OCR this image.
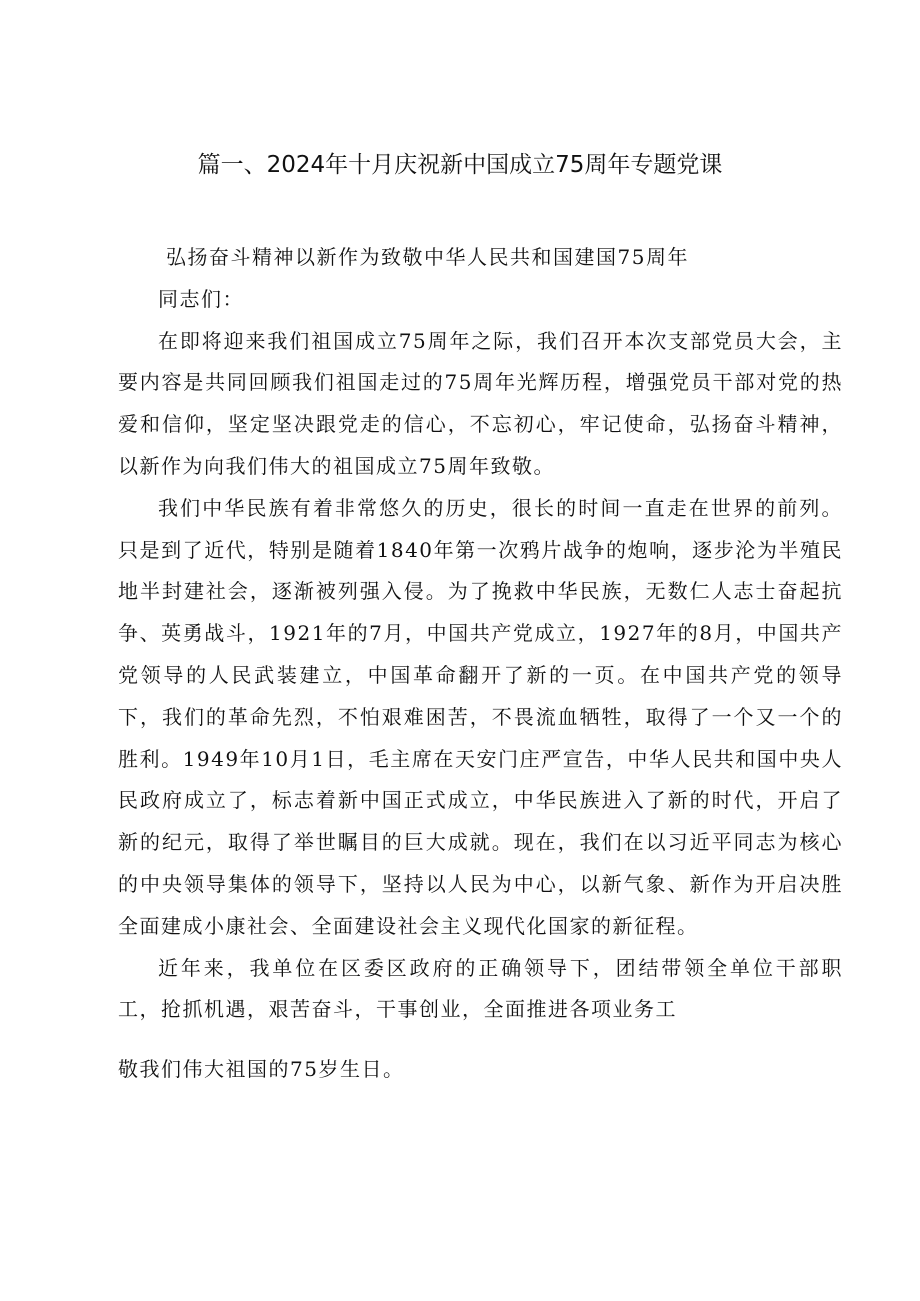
篇一、2024年十月庆祝新中国成立75周年专题党课

弘扬奋斗精神以新作为致敬中华人民共和国建国75周年

同志们：

在即将迎来我们祖国成立75周年之际，我们召开本次支部党员大会，主要内容是共同回顾我们祖国走过的75周年光辉历程，增强党员干部对党的热爱和信仰，坚定坚决跟党走的信心，不忘初心，牢记使命，弘扬奋斗精神，以新作为向我们伟大的祖国成立75周年致敬。

我们中华民族有着非常悠久的历史，很长的时间一直走在世界的前列。只是到了近代，特别是随着1840年第一次鸦片战争的炮响，逐步沦为半殖民地半封建社会，逐渐被列强入侵。为了挽救中华民族，无数仁人志士奋起抗争、英勇战斗，1921年的7月，中国共产党成立，1927年的8月，中国共产党领导的人民武装建立，中国革命翻开了新的一页。在中国共产党的领导下，我们的革命先烈，不怕艰难困苦，不畏流血牺牲，取得了一个又一个的胜利。1949年10月1日，毛主席在天安门庄严宣告，中华人民共和国中央人民政府成立了，标志着新中国正式成立，中华民族进入了新的时代，开启了新的纪元，取得了举世瞩目的巨大成就。现在，我们在以习近平同志为核心的中央领导集体的领导下，坚持以人民为中心，以新气象、新作为开启决胜全面建成小康社会、全面建设社会主义现代化国家的新征程。

近年来，我单位在区委区政府的正确领导下，团结带领全单位干部职工，抢抓机遇，艰苦奋斗，干事创业，全面推进各项业务工

敬我们伟大祖国的75岁生日。
